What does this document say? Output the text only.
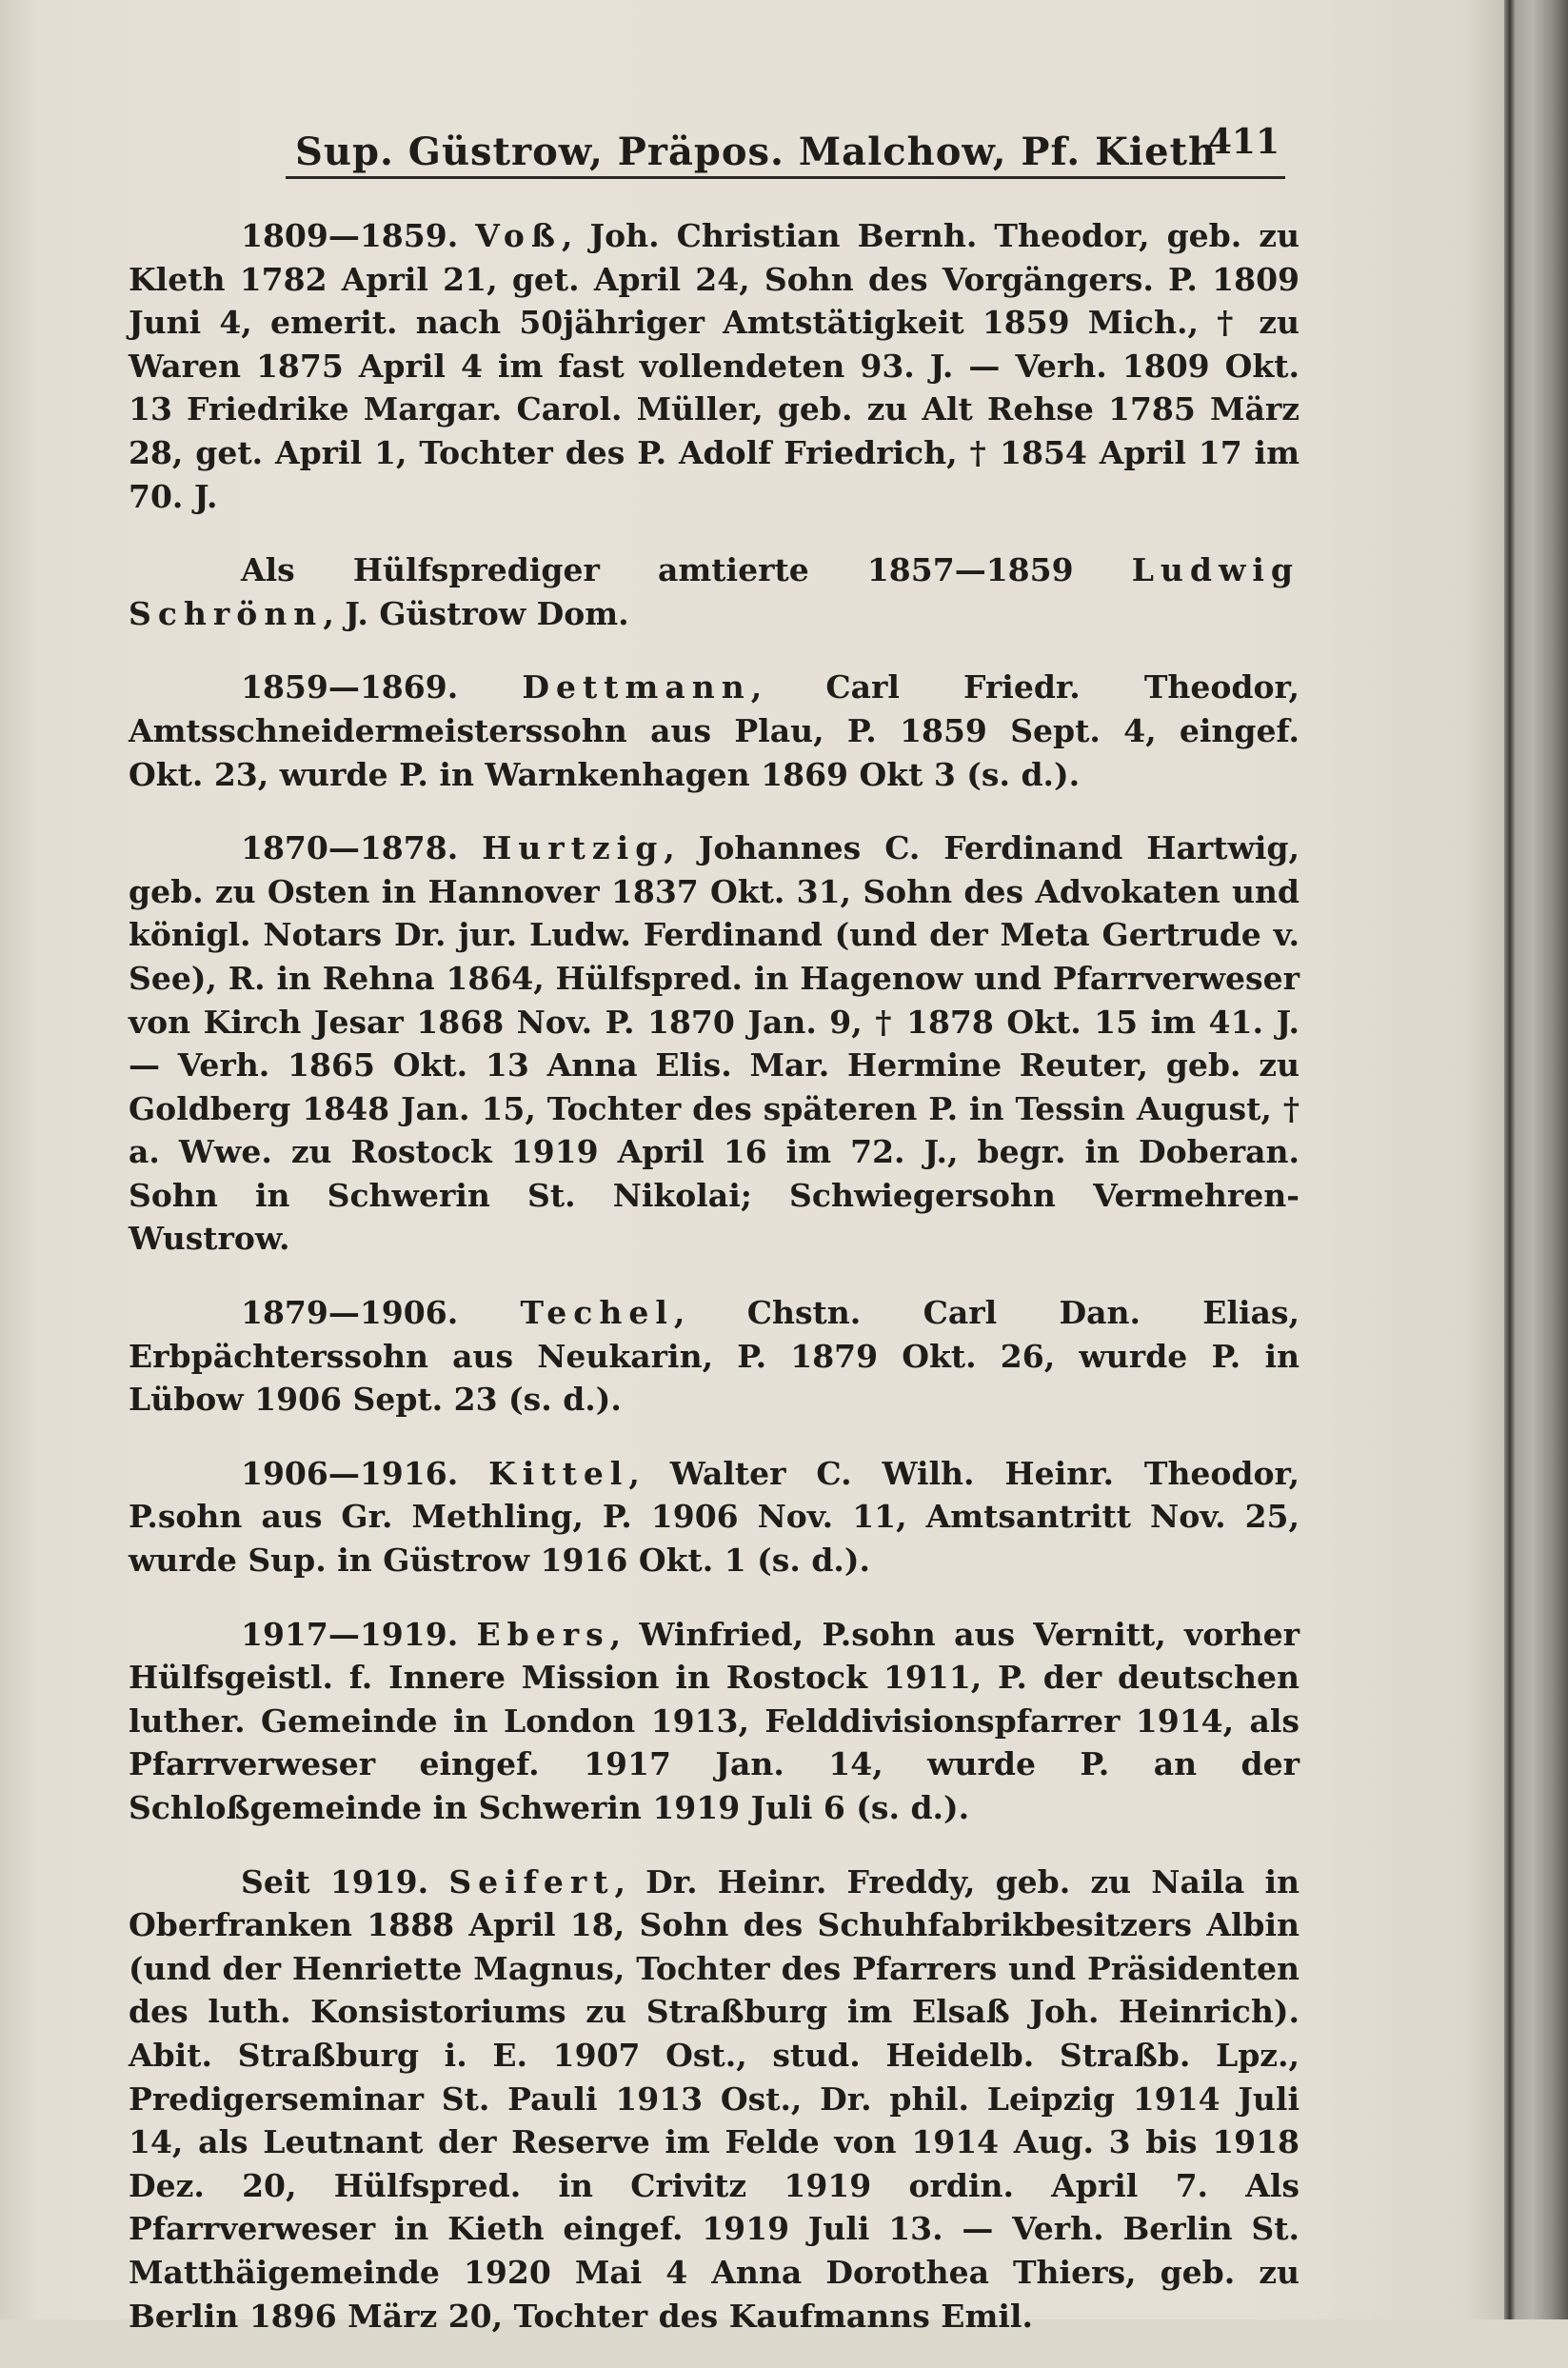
Sup. Güstrow, Präpos. Malchow, Pf. Kieth
411

1809—1859. Voß, Joh. Christian Bernh. Theodor, geb. zu Kleth 1782 April 21, get. April 24, Sohn des Vorgängers. P. 1809 Juni 4, emerit. nach 50jähriger Amtstätigkeit 1859 Mich., † zu Waren 1875 April 4 im fast vollendeten 93. J. — Verh. 1809 Okt. 13 Friedrike Margar. Carol. Müller, geb. zu Alt Rehse 1785 März 28, get. April 1, Tochter des P. Adolf Friedrich, † 1854 April 17 im 70. J.

Als Hülfsprediger amtierte 1857—1859 Ludwig Schrönn, J. Güstrow Dom.

1859—1869. Dettmann, Carl Friedr. Theodor, Amtsschneidermeisterssohn aus Plau, P. 1859 Sept. 4, eingef. Okt. 23, wurde P. in Warnkenhagen 1869 Okt 3 (s. d.).

1870—1878. Hurtzig, Johannes C. Ferdinand Hartwig, geb. zu Osten in Hannover 1837 Okt. 31, Sohn des Advokaten und königl. Notars Dr. jur. Ludw. Ferdinand (und der Meta Gertrude v. See), R. in Rehna 1864, Hülfspred. in Hagenow und Pfarrverweser von Kirch Jesar 1868 Nov. P. 1870 Jan. 9, † 1878 Okt. 15 im 41. J. — Verh. 1865 Okt. 13 Anna Elis. Mar. Hermine Reuter, geb. zu Goldberg 1848 Jan. 15, Tochter des späteren P. in Tessin August, † a. Wwe. zu Rostock 1919 April 16 im 72. J., begr. in Doberan. Sohn in Schwerin St. Nikolai; Schwiegersohn Vermehren-Wustrow.

1879—1906. Techel, Chstn. Carl Dan. Elias, Erbpächterssohn aus Neukarin, P. 1879 Okt. 26, wurde P. in Lübow 1906 Sept. 23 (s. d.).

1906—1916. Kittel, Walter C. Wilh. Heinr. Theodor, P.sohn aus Gr. Methling, P. 1906 Nov. 11, Amtsantritt Nov. 25, wurde Sup. in Güstrow 1916 Okt. 1 (s. d.).

1917—1919. Ebers, Winfried, P.sohn aus Vernitt, vorher Hülfsgeistl. f. Innere Mission in Rostock 1911, P. der deutschen luther. Gemeinde in London 1913, Felddivisionspfarrer 1914, als Pfarrverweser eingef. 1917 Jan. 14, wurde P. an der Schloßgemeinde in Schwerin 1919 Juli 6 (s. d.).

Seit 1919. Seifert, Dr. Heinr. Freddy, geb. zu Naila in Oberfranken 1888 April 18, Sohn des Schuhfabrikbesitzers Albin (und der Henriette Magnus, Tochter des Pfarrers und Präsidenten des luth. Konsistoriums zu Straßburg im Elsaß Joh. Heinrich). Abit. Straßburg i. E. 1907 Ost., stud. Heidelb. Straßb. Lpz., Predigerseminar St. Pauli 1913 Ost., Dr. phil. Leipzig 1914 Juli 14, als Leutnant der Reserve im Felde von 1914 Aug. 3 bis 1918 Dez. 20, Hülfspred. in Crivitz 1919 ordin. April 7. Als Pfarrverweser in Kieth eingef. 1919 Juli 13. — Verh. Berlin St. Matthäigemeinde 1920 Mai 4 Anna Dorothea Thiers, geb. zu Berlin 1896 März 20, Tochter des Kaufmanns Emil.
